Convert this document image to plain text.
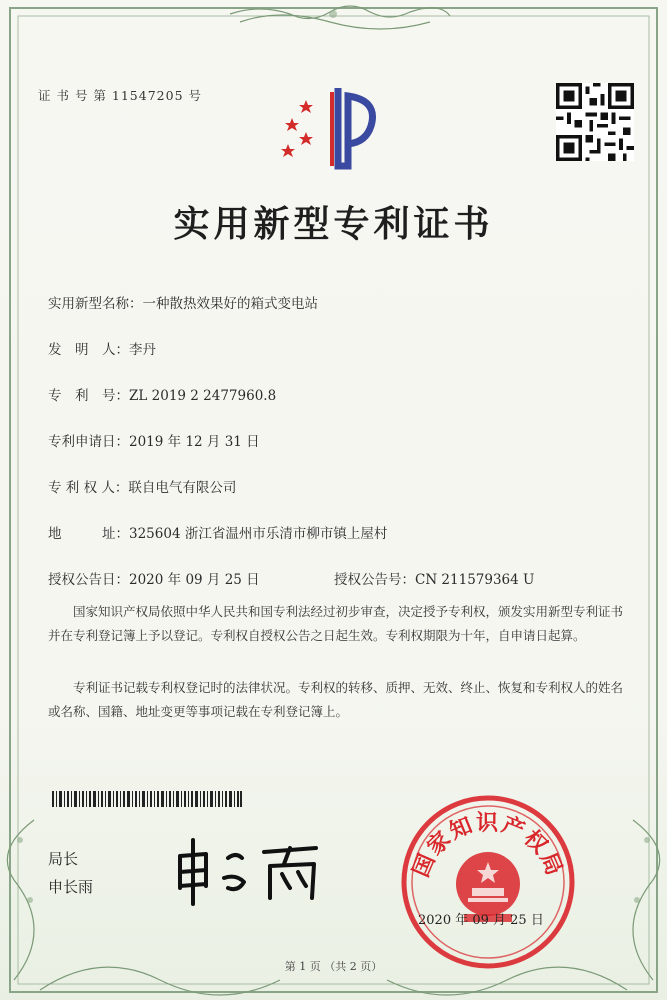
证 书 号 第 11547205 号
实用新型专利证书
实用新型名称：一种散热效果好的箱式变电站
发　明　人：李丹
专　利　号：ZL 2019 2 2477960.8
专利申请日：2019 年 12 月 31 日
专 利 权 人：联自电气有限公司
地　　　址：325604 浙江省温州市乐清市柳市镇上屋村
授权公告日：2020 年 09 月 25 日	授权公告号：CN 211579364 U
国家知识产权局依照中华人民共和国专利法经过初步审查，决定授予专利权，颁发实用新型专利证书并在专利登记簿上予以登记。专利权自授权公告之日起生效。专利权期限为十年，自申请日起算。
专利证书记载专利权登记时的法律状况。专利权的转移、质押、无效、终止、恢复和专利权人的姓名或名称、国籍、地址变更等事项记载在专利登记簿上。
局长
申长雨
国家知识产权局
2020 年 09 月 25 日
第 1 页 （共 2 页）
